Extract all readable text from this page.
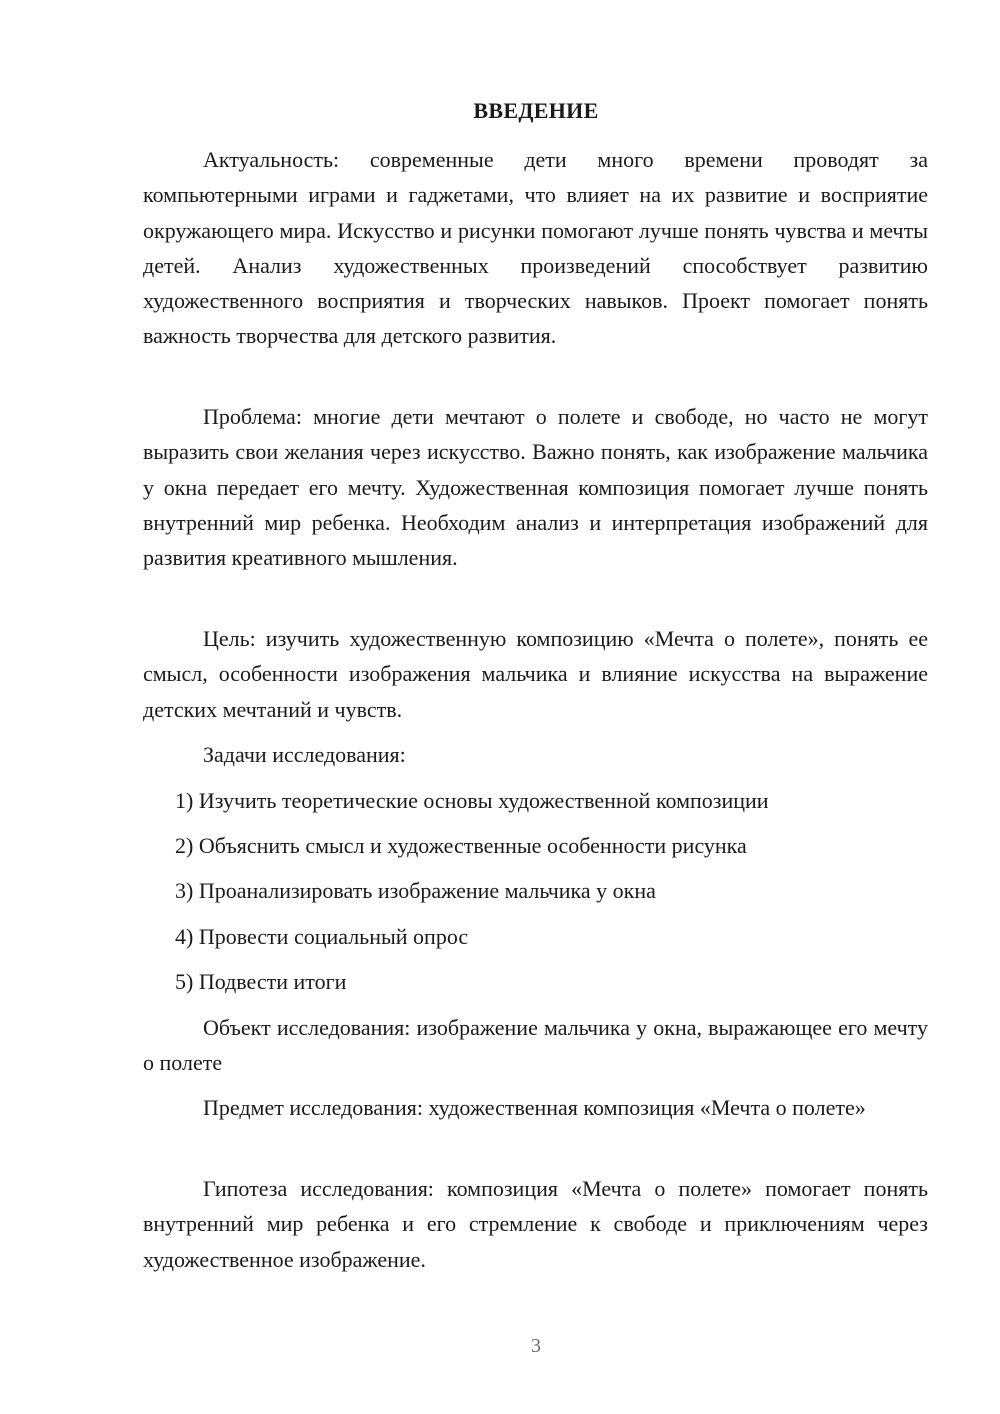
ВВЕДЕНИЕ

Актуальность: современные дети много времени проводят за компьютерными играми и гаджетами, что влияет на их развитие и восприятие окружающего мира. Искусство и рисунки помогают лучше понять чувства и мечты детей. Анализ художественных произведений способствует развитию художественного восприятия и творческих навыков. Проект помогает понять важность творчества для детского развития.

Проблема: многие дети мечтают о полете и свободе, но часто не могут выразить свои желания через искусство. Важно понять, как изображение мальчика у окна передает его мечту. Художественная композиция помогает лучше понять внутренний мир ребенка. Необходим анализ и интерпретация изображений для развития креативного мышления.

Цель: изучить художественную композицию «Мечта о полете», понять ее смысл, особенности изображения мальчика и влияние искусства на выражение детских мечтаний и чувств.

Задачи исследования:

1) Изучить теоретические основы художественной композиции
2) Объяснить смысл и художественные особенности рисунка
3) Проанализировать изображение мальчика у окна
4) Провести социальный опрос
5) Подвести итоги

Объект исследования: изображение мальчика у окна, выражающее его мечту о полете

Предмет исследования: художественная композиция «Мечта о полете»

Гипотеза исследования: композиция «Мечта о полете» помогает понять внутренний мир ребенка и его стремление к свободе и приключениям через художественное изображение.

3
